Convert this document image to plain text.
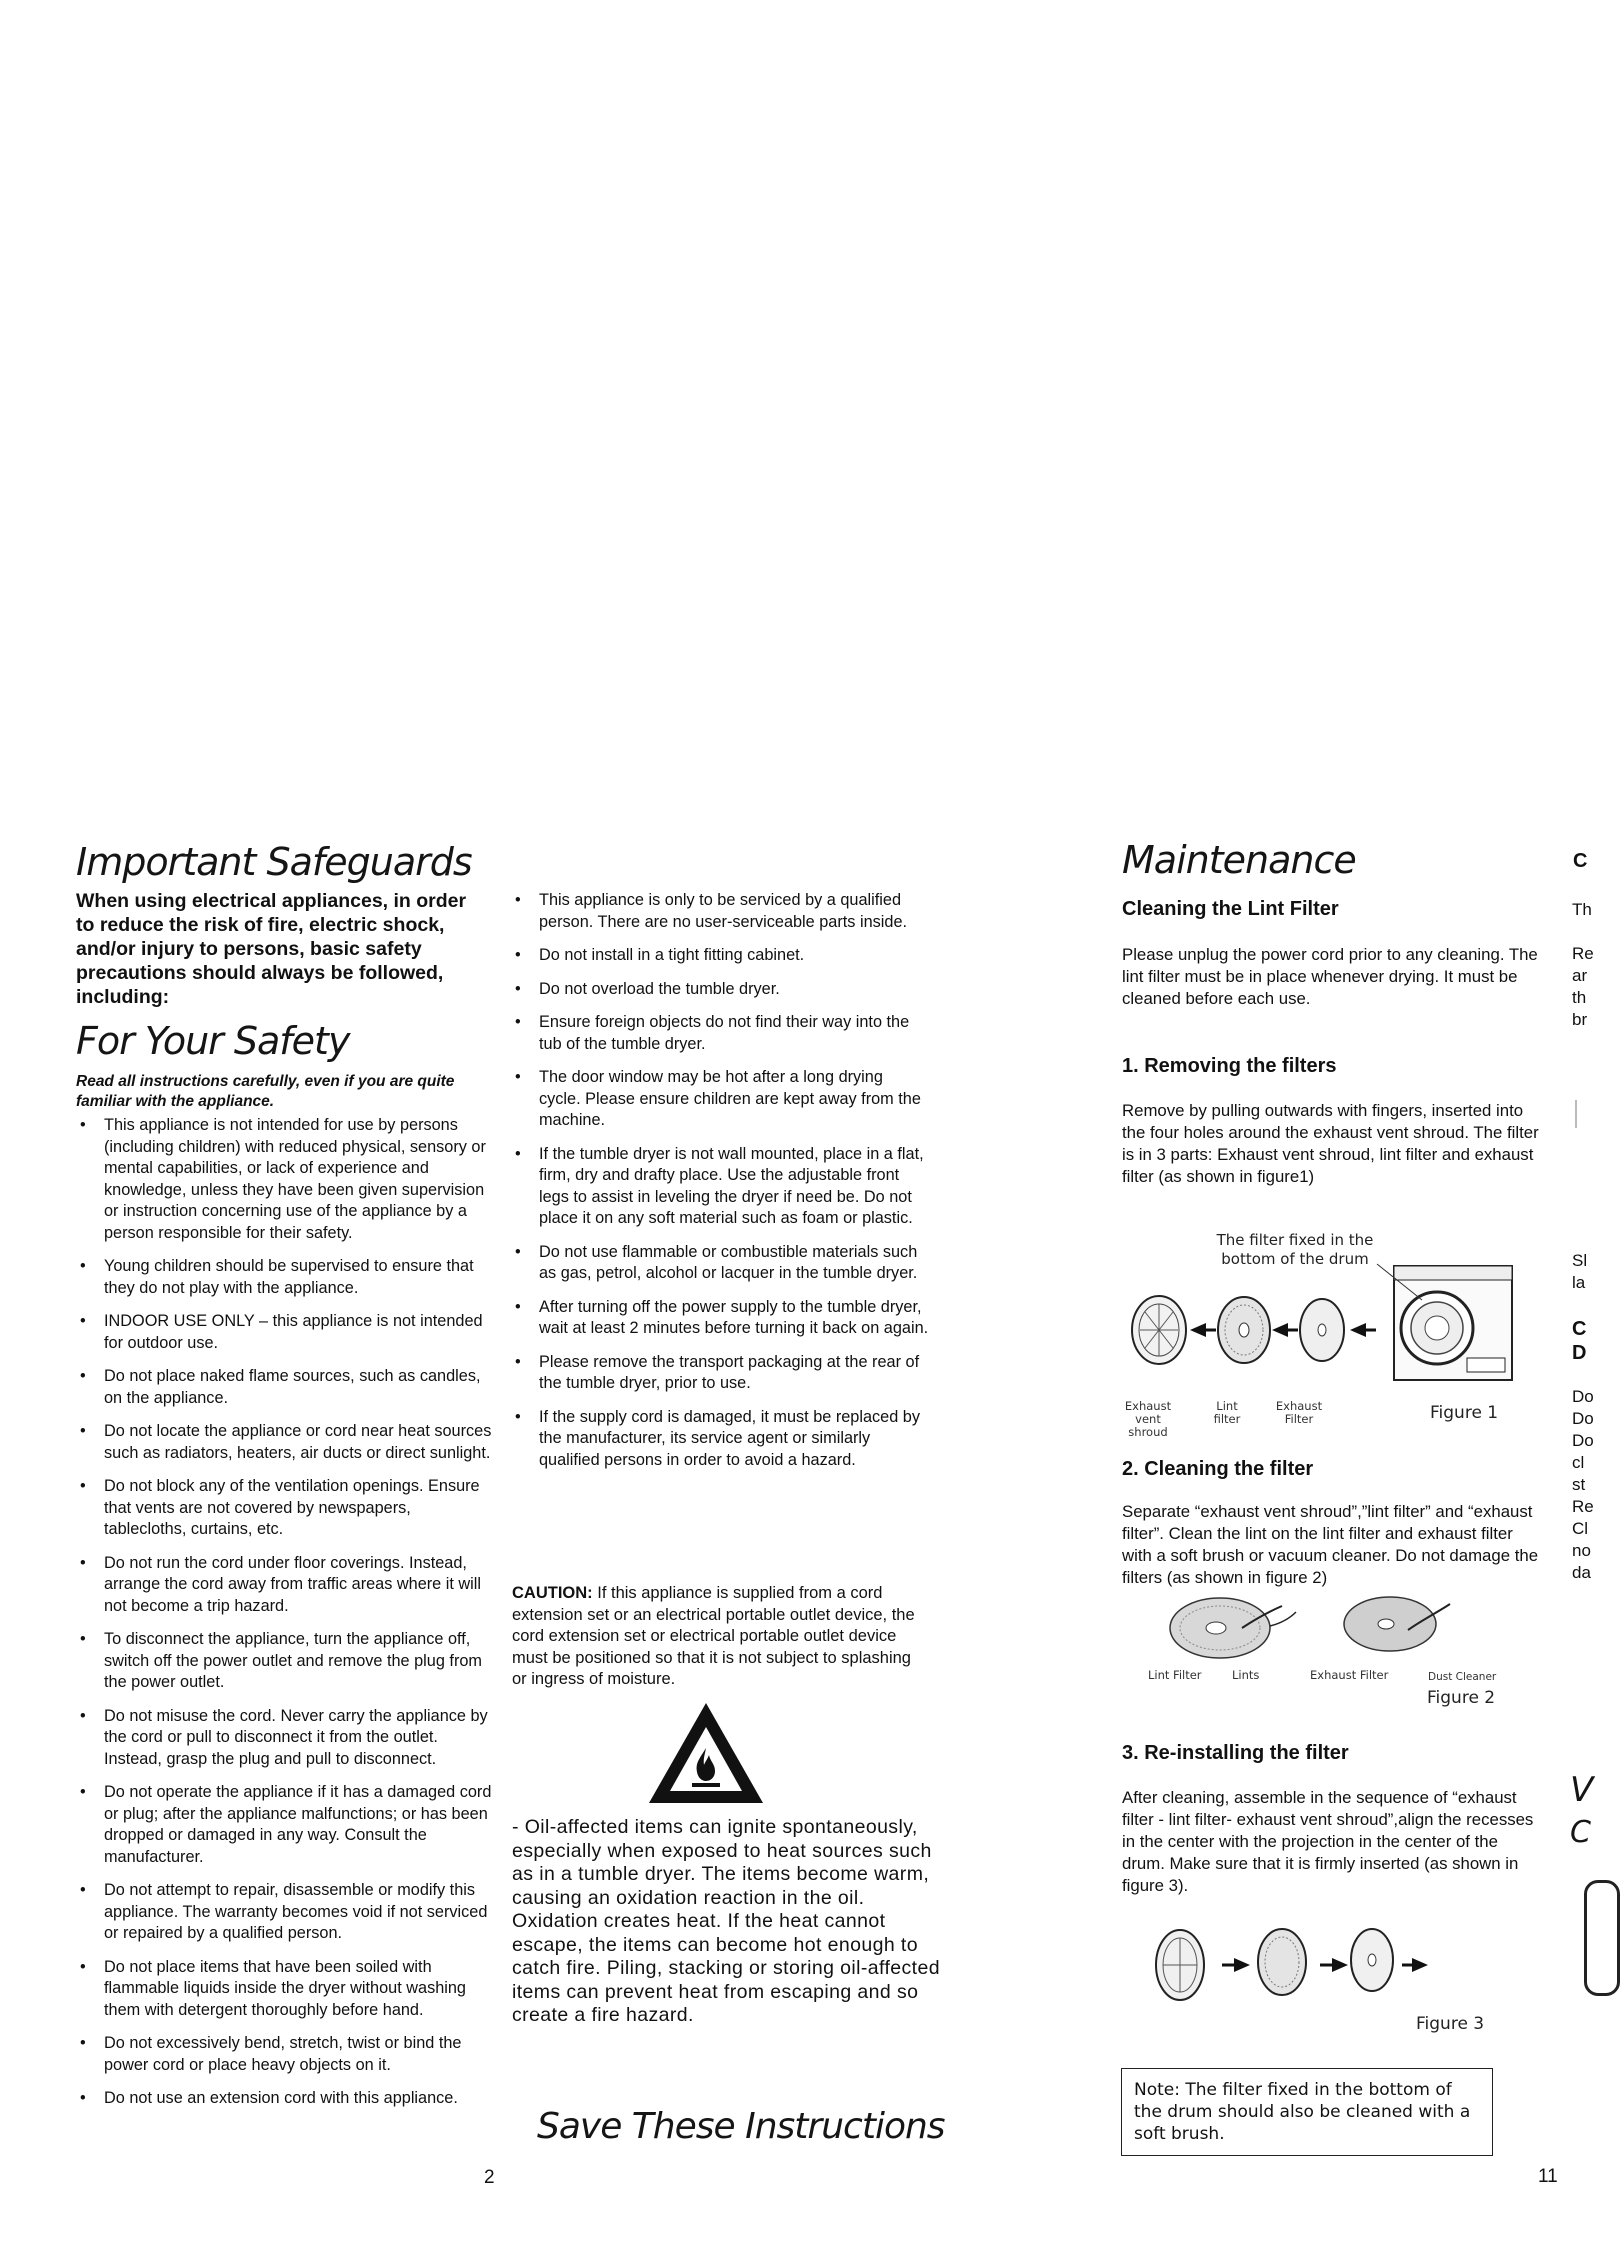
Important Safeguards
When using electrical appliances, in order to reduce the risk of fire, electric shock, and/or injury to persons, basic safety precautions should always be followed, including:
For Your Safety
Read all instructions carefully, even if you are quite familiar with the appliance.
• This appliance is not intended for use by persons (including children) with reduced physical, sensory or mental capabilities, or lack of experience and knowledge, unless they have been given supervision or instruction concerning use of the appliance by a person responsible for their safety.
• Young children should be supervised to ensure that they do not play with the appliance.
• INDOOR USE ONLY – this appliance is not intended for outdoor use.
• Do not place naked flame sources, such as candles, on the appliance.
• Do not locate the appliance or cord near heat sources such as radiators, heaters, air ducts or direct sunlight.
• Do not block any of the ventilation openings. Ensure that vents are not covered by newspapers, tablecloths, curtains, etc.
• Do not run the cord under floor coverings. Instead, arrange the cord away from traffic areas where it will not become a trip hazard.
• To disconnect the appliance, turn the appliance off, switch off the power outlet and remove the plug from the power outlet.
• Do not misuse the cord. Never carry the appliance by the cord or pull to disconnect it from the outlet. Instead, grasp the plug and pull to disconnect.
• Do not operate the appliance if it has a damaged cord or plug; after the appliance malfunctions; or has been dropped or damaged in any way. Consult the manufacturer.
• Do not attempt to repair, disassemble or modify this appliance. The warranty becomes void if not serviced or repaired by a qualified person.
• Do not place items that have been soiled with flammable liquids inside the dryer without washing them with detergent thoroughly before hand.
• Do not excessively bend, stretch, twist or bind the power cord or place heavy objects on it.
• Do not use an extension cord with this appliance.
• This appliance is only to be serviced by a qualified person. There are no user-serviceable parts inside.
• Do not install in a tight fitting cabinet.
• Do not overload the tumble dryer.
• Ensure foreign objects do not find their way into the tub of the tumble dryer.
• The door window may be hot after a long drying cycle. Please ensure children are kept away from the machine.
• If the tumble dryer is not wall mounted, place in a flat, firm, dry and drafty place. Use the adjustable front legs to assist in leveling the dryer if need be. Do not place it on any soft material such as foam or plastic.
• Do not use flammable or combustible materials such as gas, petrol, alcohol or lacquer in the tumble dryer.
• After turning off the power supply to the tumble dryer, wait at least 2 minutes before turning it back on again.
• Please remove the transport packaging at the rear of the tumble dryer, prior to use.
• If the supply cord is damaged, it must be replaced by the manufacturer, its service agent or similarly qualified persons in order to avoid a hazard.
CAUTION: If this appliance is supplied from a cord extension set or an electrical portable outlet device, the cord extension set or electrical portable outlet device must be positioned so that it is not subject to splashing or ingress of moisture.
- Oil-affected items can ignite spontaneously, especially when exposed to heat sources such as in a tumble dryer. The items become warm, causing an oxidation reaction in the oil. Oxidation creates heat. If the heat cannot escape, the items can become hot enough to catch fire. Piling, stacking or storing oil-affected items can prevent heat from escaping and so create a fire hazard.
Save These Instructions
2
Maintenance
Cleaning the Lint Filter
Please unplug the power cord prior to any cleaning. The lint filter must be in place whenever drying. It must be cleaned before each use.
1. Removing the filters
Remove by pulling outwards with fingers, inserted into the four holes around the exhaust vent shroud. The filter is in 3 parts: Exhaust vent shroud, lint filter and exhaust filter (as shown in figure1)
The filter fixed in the bottom of the drum
Exhaust vent shroud
Lint filter
Exhaust Filter	Figure 1
2. Cleaning the filter
Separate “exhaust vent shroud”,”lint filter” and “exhaust filter”. Clean the lint on the lint filter and exhaust filter with a soft brush or vacuum cleaner. Do not damage the filters (as shown in figure 2)
Lint Filter	Lints	Exhaust Filter	Dust Cleaner
Figure 2
3. Re-installing the filter
After cleaning, assemble in the sequence of “exhaust filter - lint filter- exhaust vent shroud”,align the recesses in the center with the projection in the center of the drum. Make sure that it is firmly inserted (as shown in figure 3).
Figure 3
Note: The filter fixed in the bottom of the drum should also be cleaned with a soft brush.
11
C
Th
Re
ar
th
br
Sl
la
C
D
Do
Do
Do
cl
st
Re
Cl
no
da
V
C
